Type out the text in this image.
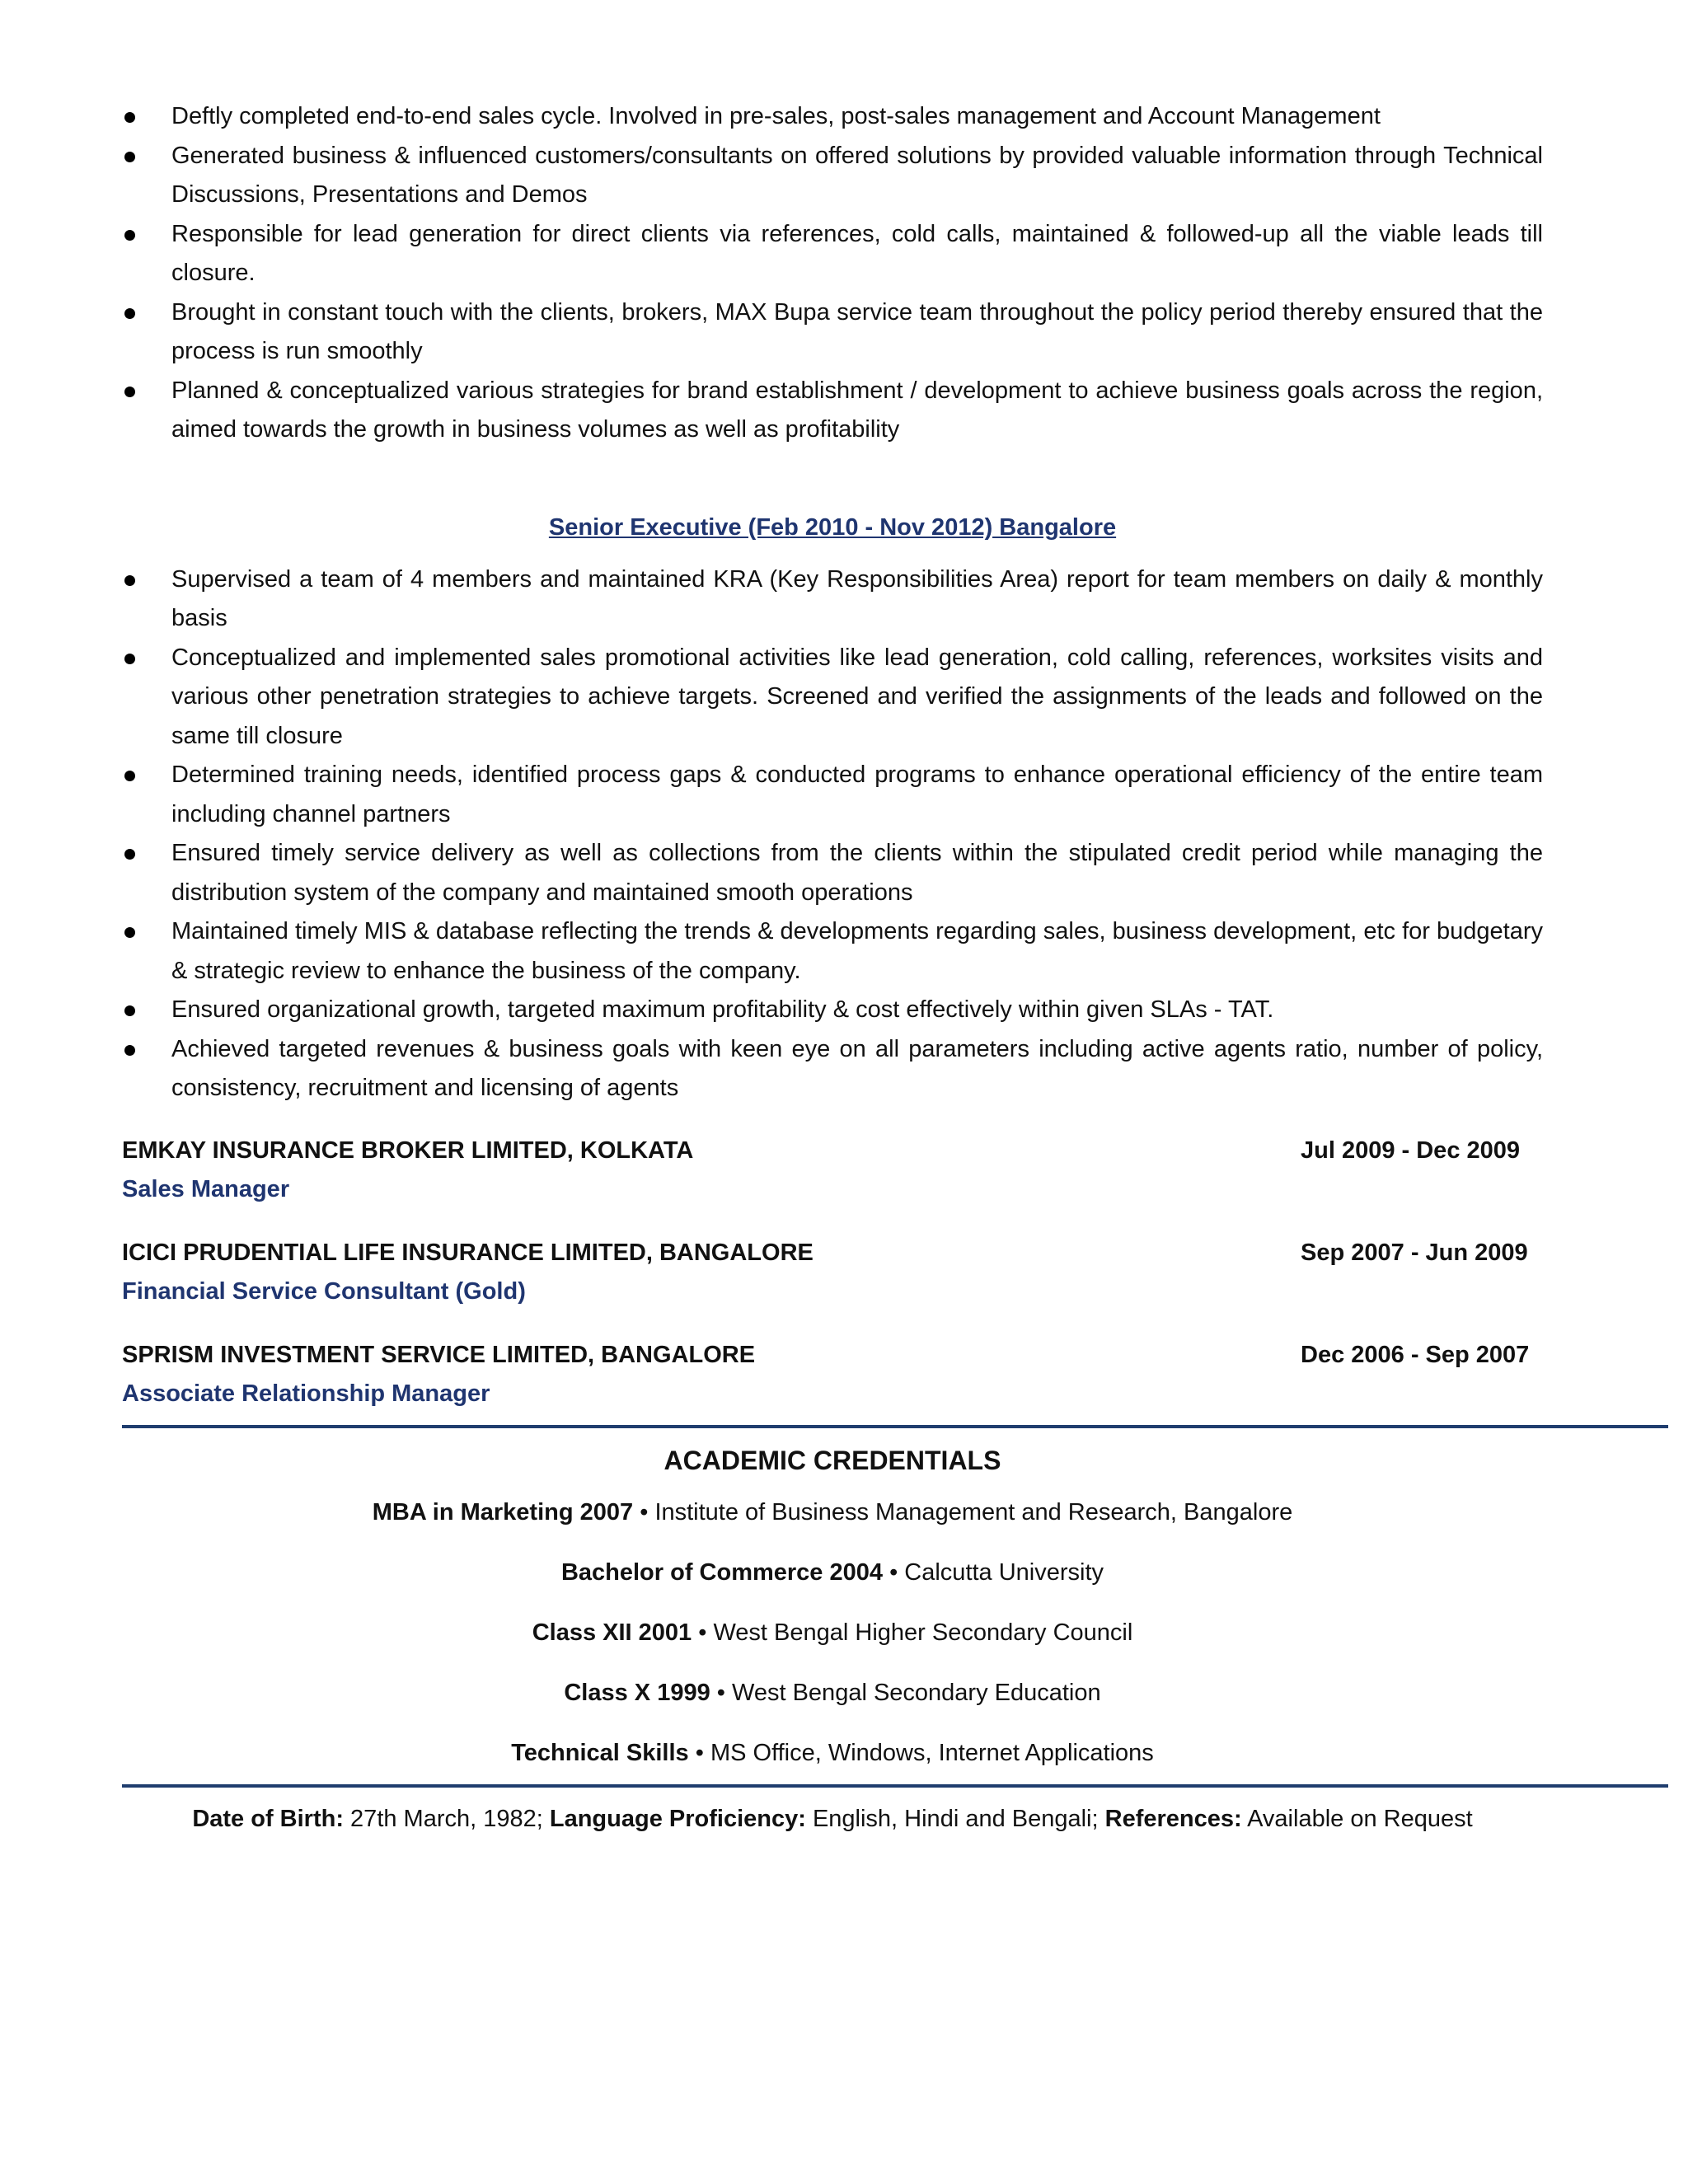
Deftly completed end-to-end sales cycle. Involved in pre-sales, post-sales management and Account Management
Generated business & influenced customers/consultants on offered solutions by provided valuable information through Technical Discussions, Presentations and Demos
Responsible for lead generation for direct clients via references, cold calls, maintained & followed-up all the viable leads till closure.
Brought in constant touch with the clients, brokers, MAX Bupa service team throughout the policy period thereby ensured that the process is run smoothly
Planned & conceptualized various strategies for brand establishment / development to achieve business goals across the region, aimed towards the growth in business volumes as well as profitability
Senior Executive (Feb 2010 - Nov 2012) Bangalore
Supervised a team of 4 members and maintained KRA (Key Responsibilities Area) report for team members on daily & monthly basis
Conceptualized and implemented sales promotional activities like lead generation, cold calling, references, worksites visits and various other penetration strategies to achieve targets. Screened and verified the assignments of the leads and followed on the same till closure
Determined training needs, identified process gaps & conducted programs to enhance operational efficiency of the entire team including channel partners
Ensured timely service delivery as well as collections from the clients within the stipulated credit period while managing the distribution system of the company and maintained smooth operations
Maintained timely MIS & database reflecting the trends & developments regarding sales, business development, etc for budgetary & strategic review to enhance the business of the company.
Ensured organizational growth, targeted maximum profitability & cost effectively within given SLAs - TAT.
Achieved targeted revenues & business goals with keen eye on all parameters including active agents ratio, number of policy, consistency, recruitment and licensing of agents
EMKAY INSURANCE BROKER LIMITED, KOLKATA	Jul 2009 - Dec 2009
Sales Manager
ICICI PRUDENTIAL LIFE INSURANCE LIMITED, BANGALORE	Sep 2007 - Jun 2009
Financial Service Consultant (Gold)
SPRISM INVESTMENT SERVICE LIMITED, BANGALORE	Dec 2006 - Sep 2007
Associate Relationship Manager
ACADEMIC CREDENTIALS
MBA in Marketing 2007 • Institute of Business Management and Research, Bangalore
Bachelor of Commerce 2004 • Calcutta University
Class XII 2001 • West Bengal Higher Secondary Council
Class X 1999 • West Bengal Secondary Education
Technical Skills • MS Office, Windows, Internet Applications
Date of Birth: 27th March, 1982; Language Proficiency: English, Hindi and Bengali; References: Available on Request
